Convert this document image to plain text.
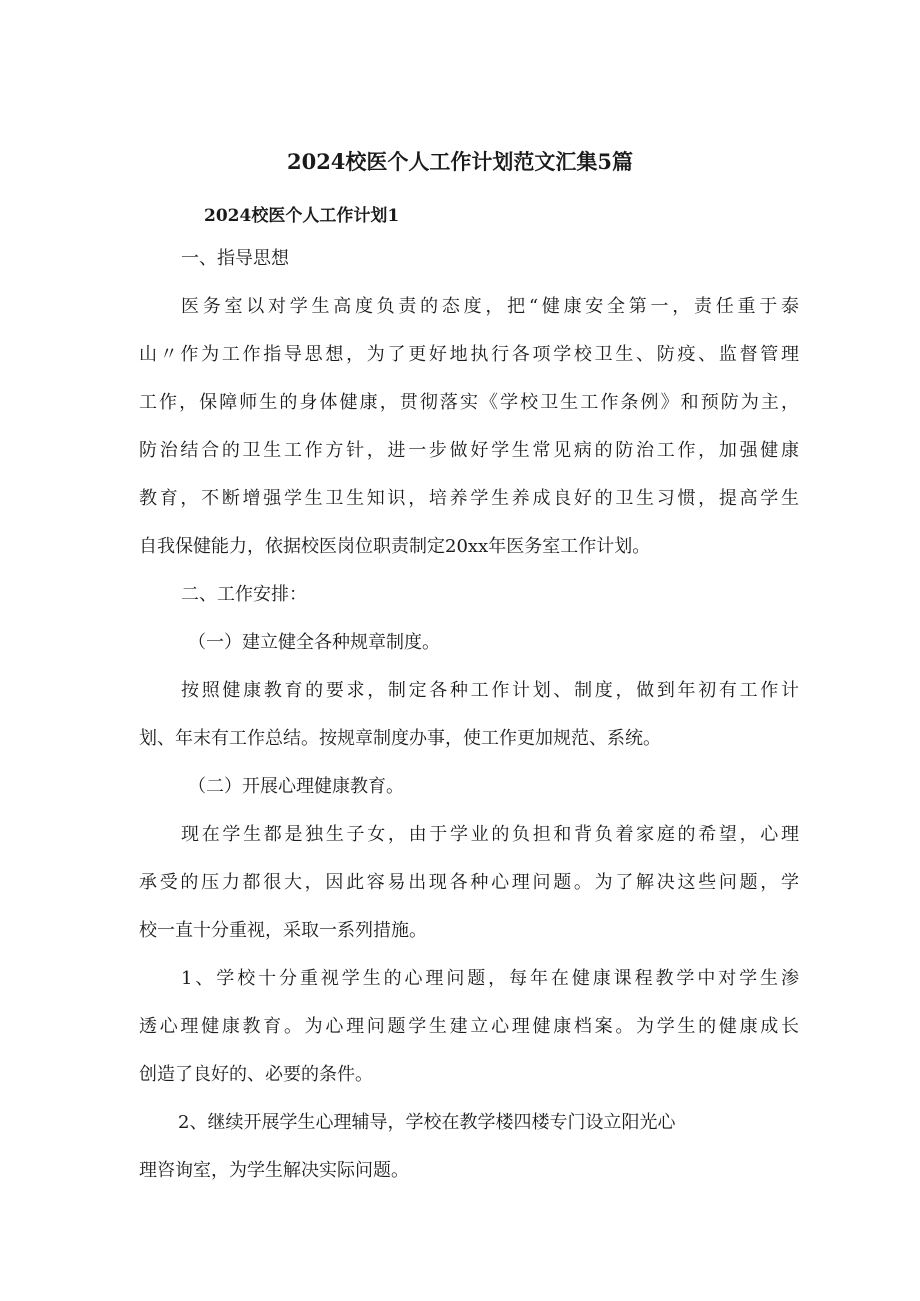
2024校医个人工作计划范文汇集5篇
2024校医个人工作计划1

一、指导思想

医务室以对学生高度负责的态度，把“健康安全第一，责任重于泰

山〃作为工作指导思想，为了更好地执行各项学校卫生、防疫、监督管理

工作，保障师生的身体健康，贯彻落实《学校卫生工作条例》和预防为主，

防治结合的卫生工作方针，进一步做好学生常见病的防治工作，加强健康

教育，不断增强学生卫生知识，培养学生养成良好的卫生习惯，提高学生

自我保健能力，依据校医岗位职责制定20xx年医务室工作计划。

二、工作安排：

（一）建立健全各种规章制度。

按照健康教育的要求，制定各种工作计划、制度，做到年初有工作计

划、年末有工作总结。按规章制度办事，使工作更加规范、系统。

（二）开展心理健康教育。

现在学生都是独生子女，由于学业的负担和背负着家庭的希望，心理

承受的压力都很大，因此容易出现各种心理问题。为了解决这些问题，学

校一直十分重视，采取一系列措施。

1、学校十分重视学生的心理问题，每年在健康课程教学中对学生渗

透心理健康教育。为心理问题学生建立心理健康档案。为学生的健康成长

创造了良好的、必要的条件。

2、继续开展学生心理辅导，学校在教学楼四楼专门设立阳光心

理咨询室，为学生解决实际问题。
